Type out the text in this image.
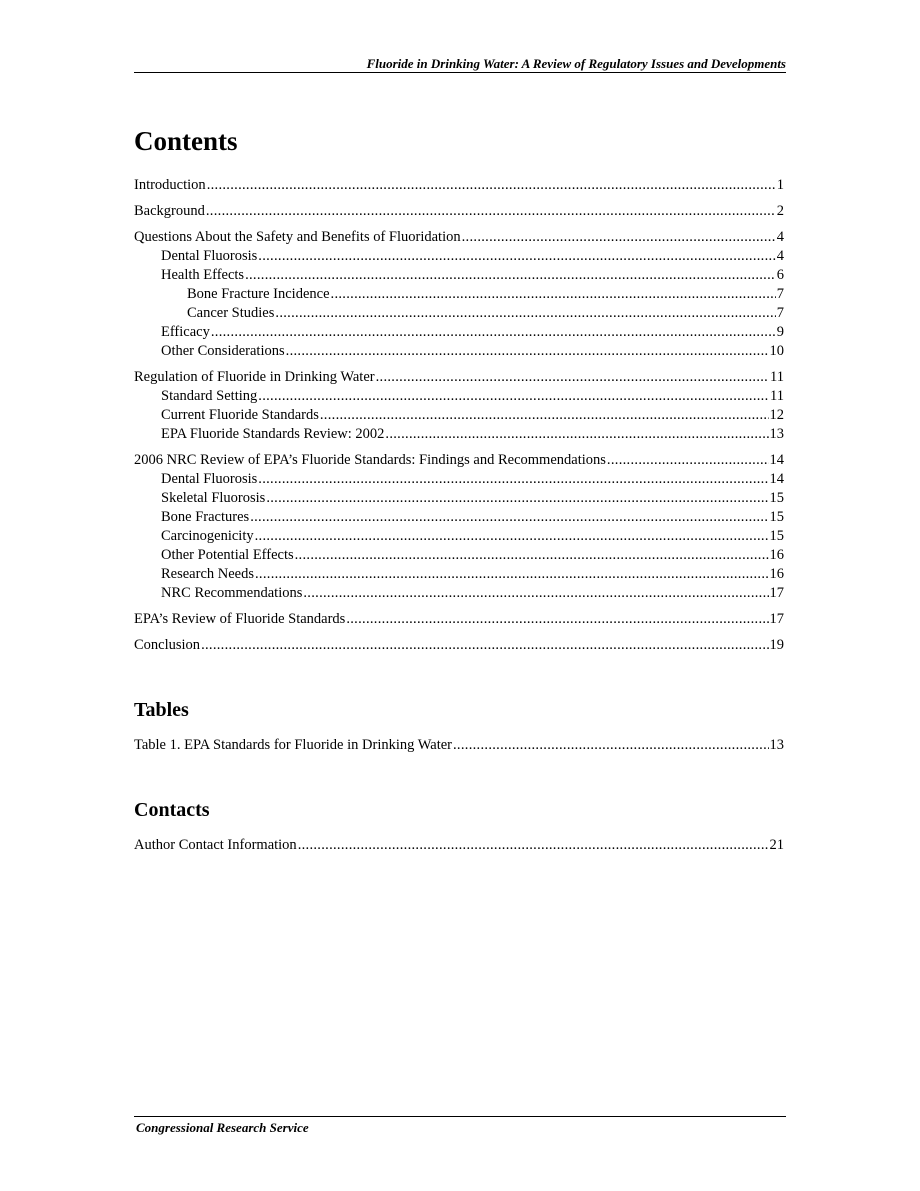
Fluoride in Drinking Water: A Review of Regulatory Issues and Developments
Contents
Introduction .....	1
Background .....	2
Questions About the Safety and Benefits of Fluoridation .....	4
Dental Fluorosis .....	4
Health Effects .....	6
Bone Fracture Incidence .....	7
Cancer Studies .....	7
Efficacy .....	9
Other Considerations .....	10
Regulation of Fluoride in Drinking Water .....	11
Standard Setting .....	11
Current Fluoride Standards .....	12
EPA Fluoride Standards Review: 2002 .....	13
2006 NRC Review of EPA’s Fluoride Standards: Findings and Recommendations .....	14
Dental Fluorosis .....	14
Skeletal Fluorosis .....	15
Bone Fractures .....	15
Carcinogenicity .....	15
Other Potential Effects .....	16
Research Needs .....	16
NRC Recommendations .....	17
EPA’s Review of Fluoride Standards .....	17
Conclusion .....	19
Tables
Table 1. EPA Standards for Fluoride in Drinking Water .....	13
Contacts
Author Contact Information .....	21
Congressional Research Service
